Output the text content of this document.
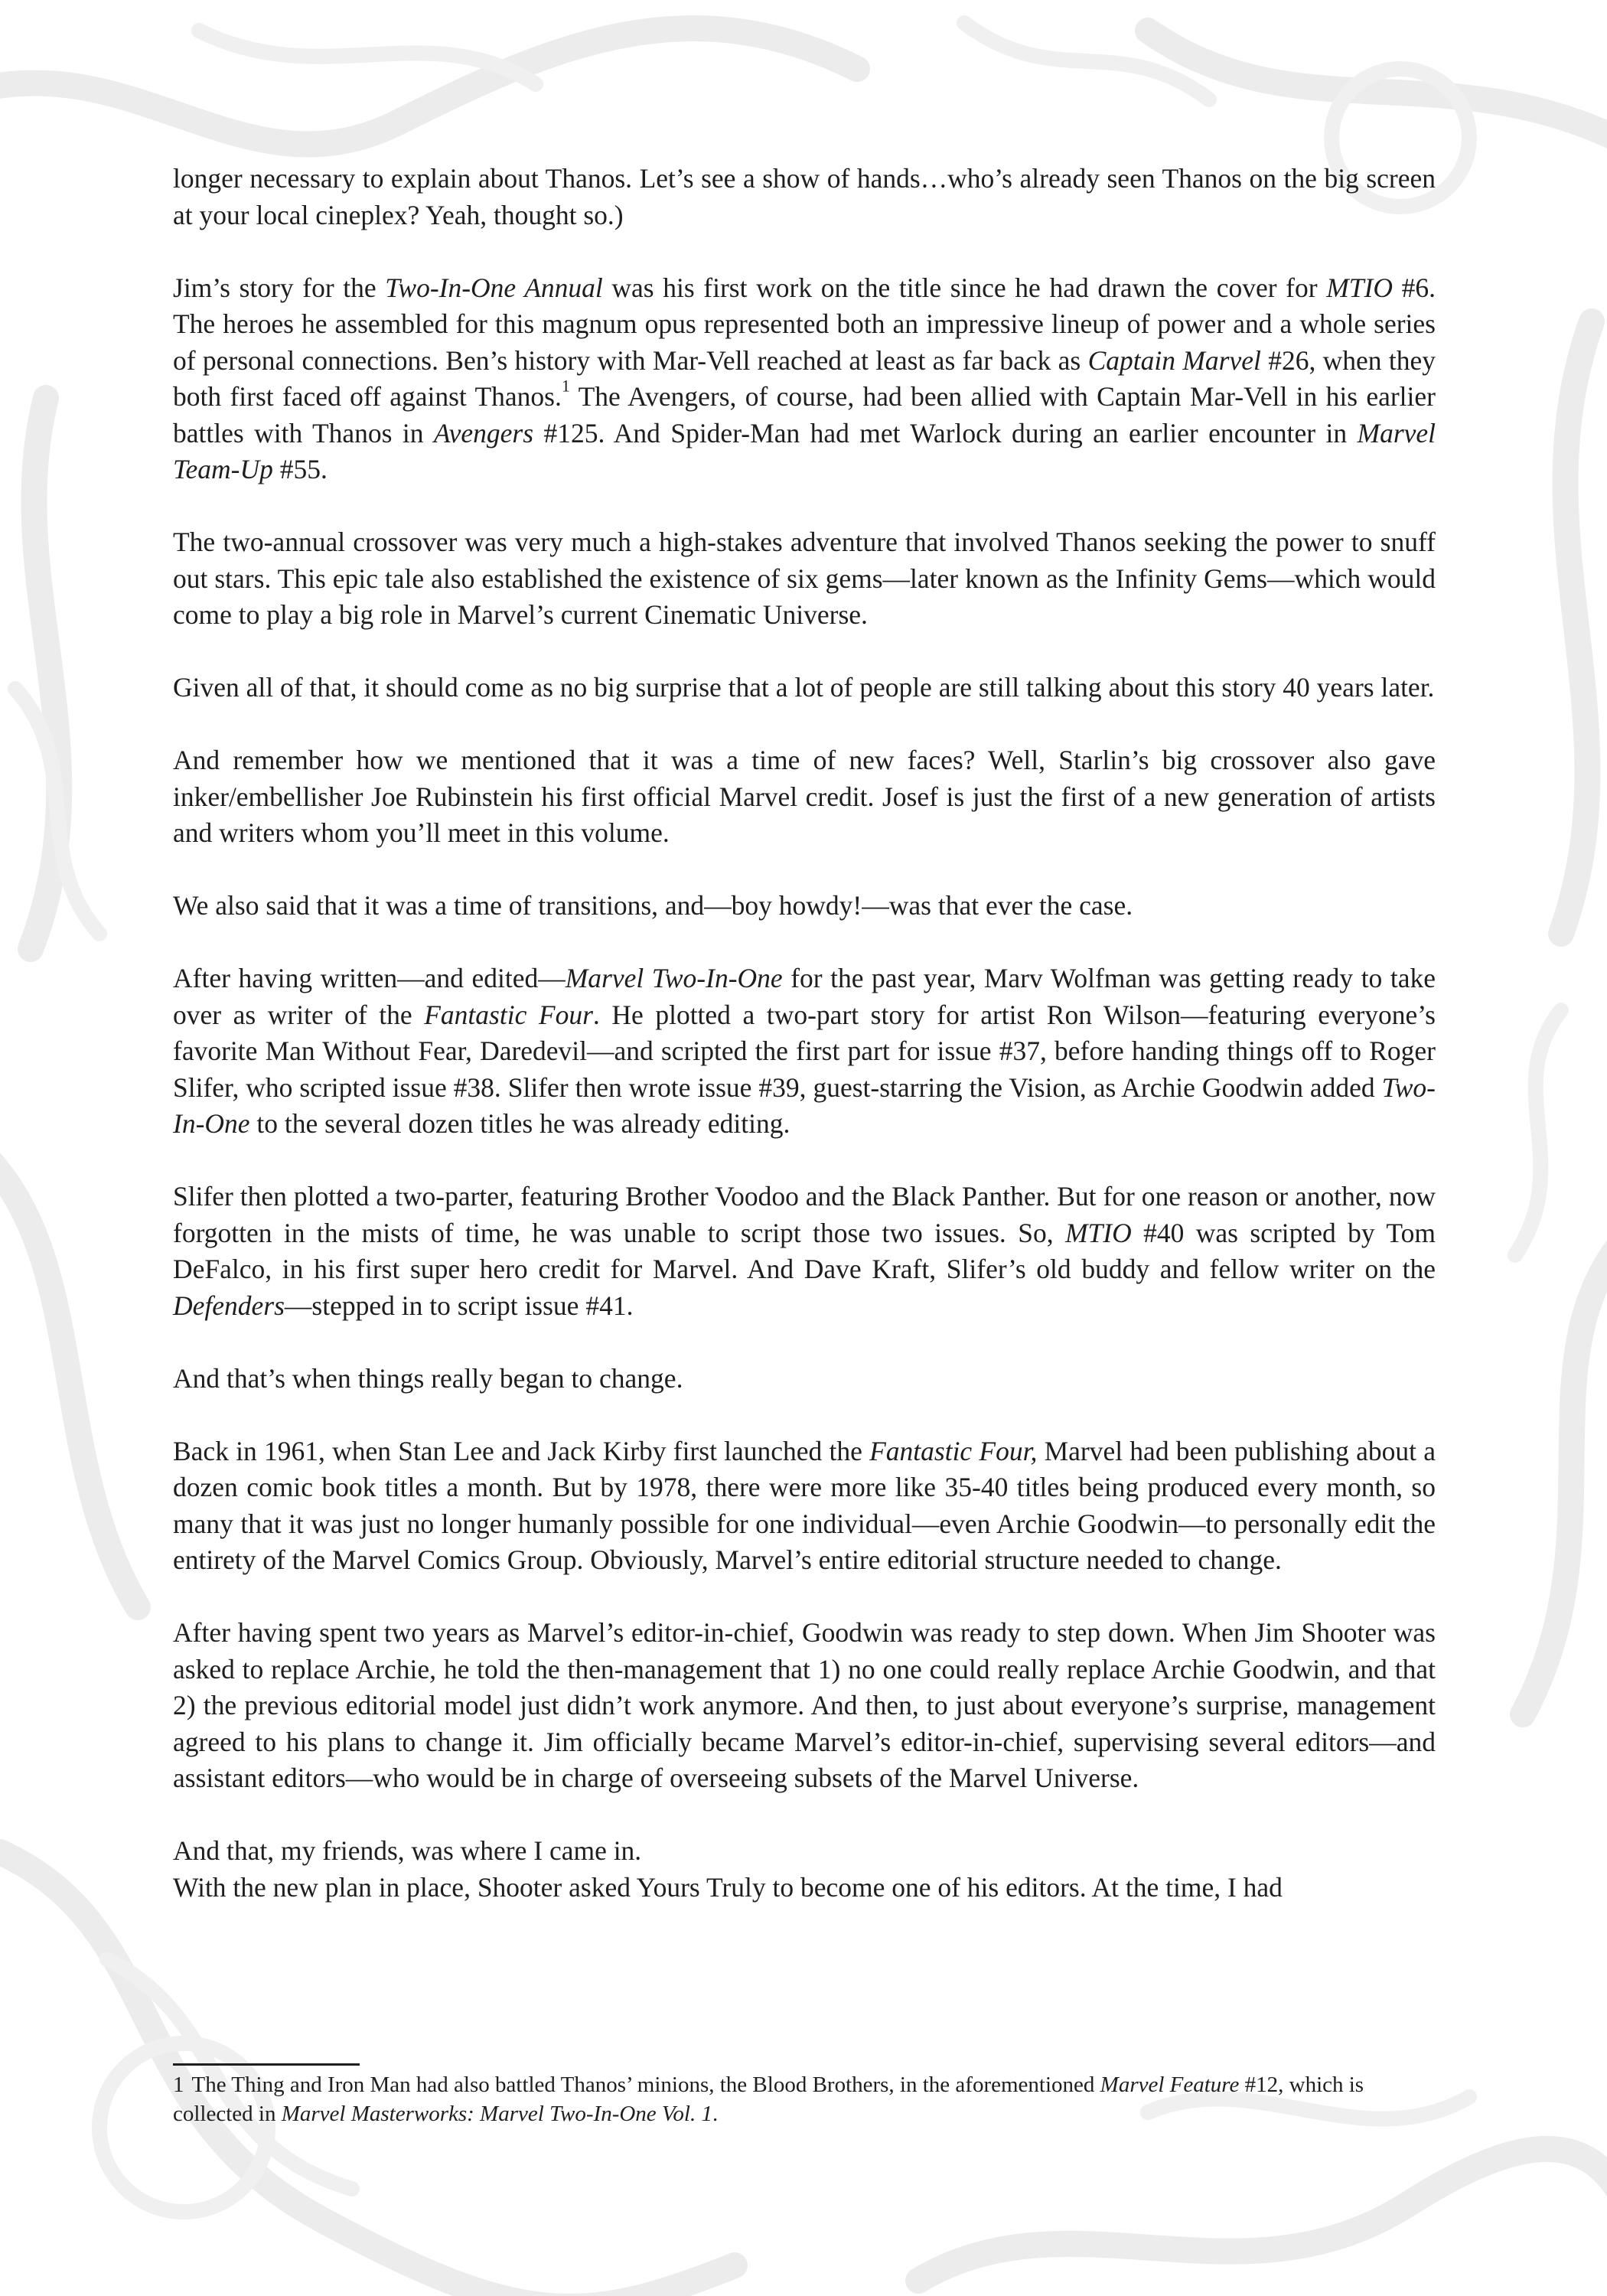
longer necessary to explain about Thanos. Let’s see a show of hands…who’s already seen Thanos on the big screen at your local cineplex? Yeah, thought so.)

Jim’s story for the Two-In-One Annual was his first work on the title since he had drawn the cover for MTIO #6. The heroes he assembled for this magnum opus represented both an impressive lineup of power and a whole series of personal connections. Ben’s history with Mar-Vell reached at least as far back as Captain Marvel #26, when they both first faced off against Thanos.$^1$ The Avengers, of course, had been allied with Captain Mar-Vell in his earlier battles with Thanos in Avengers #125. And Spider-Man had met Warlock during an earlier encounter in Marvel Team-Up #55.

The two-annual crossover was very much a high-stakes adventure that involved Thanos seeking the power to snuff out stars. This epic tale also established the existence of six gems—later known as the Infinity Gems—which would come to play a big role in Marvel’s current Cinematic Universe.

Given all of that, it should come as no big surprise that a lot of people are still talking about this story 40 years later.

And remember how we mentioned that it was a time of new faces? Well, Starlin’s big crossover also gave inker/embellisher Joe Rubinstein his first official Marvel credit. Josef is just the first of a new generation of artists and writers whom you’ll meet in this volume.

We also said that it was a time of transitions, and—boy howdy!—was that ever the case.

After having written—and edited—Marvel Two-In-One for the past year, Marv Wolfman was getting ready to take over as writer of the Fantastic Four. He plotted a two-part story for artist Ron Wilson—featuring everyone’s favorite Man Without Fear, Daredevil—and scripted the first part for issue #37, before handing things off to Roger Slifer, who scripted issue #38. Slifer then wrote issue #39, guest-starring the Vision, as Archie Goodwin added Two-In-One to the several dozen titles he was already editing.

Slifer then plotted a two-parter, featuring Brother Voodoo and the Black Panther. But for one reason or another, now forgotten in the mists of time, he was unable to script those two issues. So, MTIO #40 was scripted by Tom DeFalco, in his first super hero credit for Marvel. And Dave Kraft, Slifer’s old buddy and fellow writer on the Defenders—stepped in to script issue #41.

And that’s when things really began to change.

Back in 1961, when Stan Lee and Jack Kirby first launched the Fantastic Four, Marvel had been publishing about a dozen comic book titles a month. But by 1978, there were more like 35-40 titles being produced every month, so many that it was just no longer humanly possible for one individual—even Archie Goodwin—to personally edit the entirety of the Marvel Comics Group. Obviously, Marvel’s entire editorial structure needed to change.

After having spent two years as Marvel’s editor-in-chief, Goodwin was ready to step down. When Jim Shooter was asked to replace Archie, he told the then-management that 1) no one could really replace Archie Goodwin, and that 2) the previous editorial model just didn’t work anymore. And then, to just about everyone’s surprise, management agreed to his plans to change it. Jim officially became Marvel’s editor-in-chief, supervising several editors—and assistant editors—who would be in charge of overseeing subsets of the Marvel Universe.

And that, my friends, was where I came in.

With the new plan in place, Shooter asked Yours Truly to become one of his editors. At the time, I had

1 The Thing and Iron Man had also battled Thanos’ minions, the Blood Brothers, in the aforementioned Marvel Feature #12, which is collected in Marvel Masterworks: Marvel Two-In-One Vol. 1.
